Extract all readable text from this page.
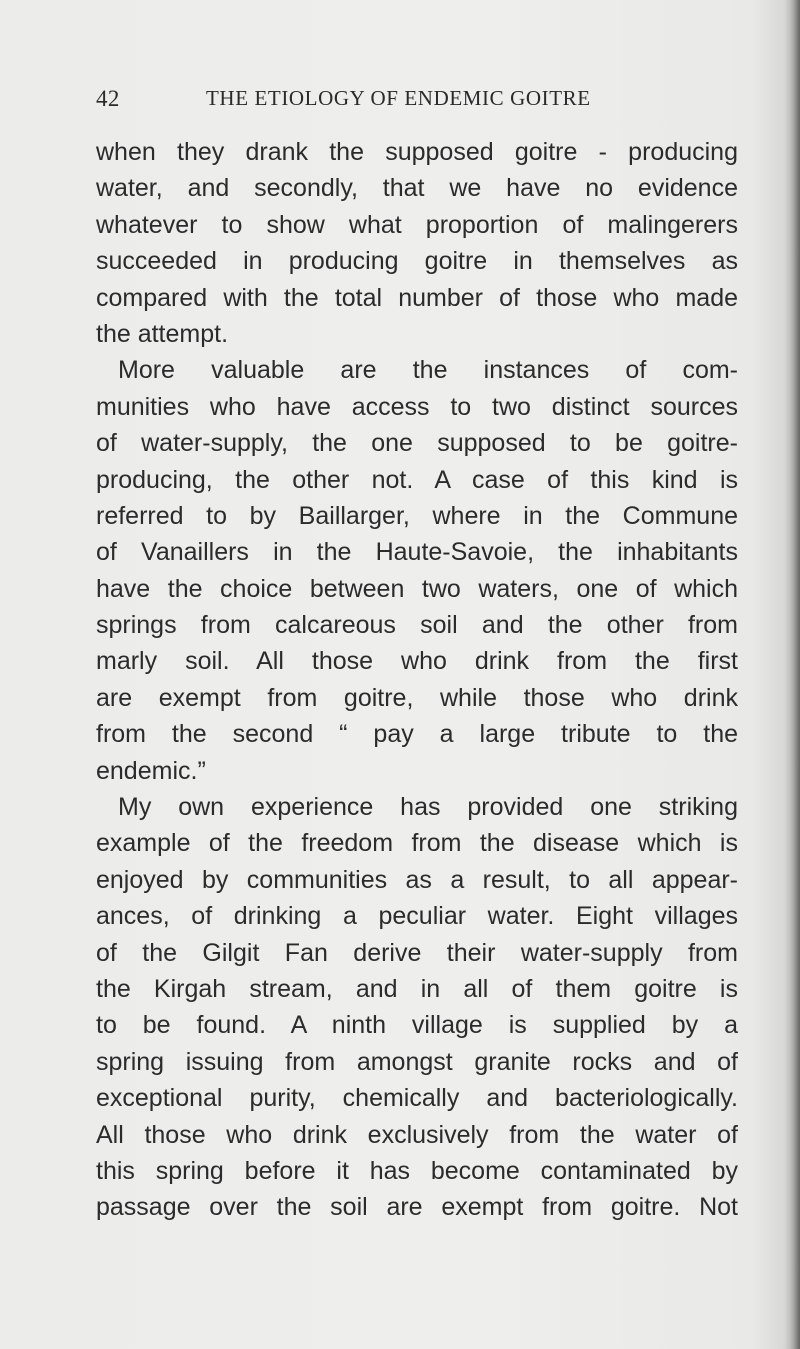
42	THE ETIOLOGY OF ENDEMIC GOITRE
when they drank the supposed goitre - producing
water, and secondly, that we have no evidence
whatever to show what proportion of malingerers
succeeded in producing goitre in themselves as
compared with the total number of those who made
the attempt.
More valuable are the instances of com-
munities who have access to two distinct sources
of water-supply, the one supposed to be goitre-
producing, the other not. A case of this kind is
referred to by Baillarger, where in the Commune
of Vanaillers in the Haute-Savoie, the inhabitants
have the choice between two waters, one of which
springs from calcareous soil and the other from
marly soil. All those who drink from the first
are exempt from goitre, while those who drink
from the second “ pay a large tribute to the
endemic.”
My own experience has provided one striking
example of the freedom from the disease which is
enjoyed by communities as a result, to all appear-
ances, of drinking a peculiar water. Eight villages
of the Gilgit Fan derive their water-supply from
the Kirgah stream, and in all of them goitre is
to be found. A ninth village is supplied by a
spring issuing from amongst granite rocks and of
exceptional purity, chemically and bacteriologically.
All those who drink exclusively from the water of
this spring before it has become contaminated by
passage over the soil are exempt from goitre. Not
